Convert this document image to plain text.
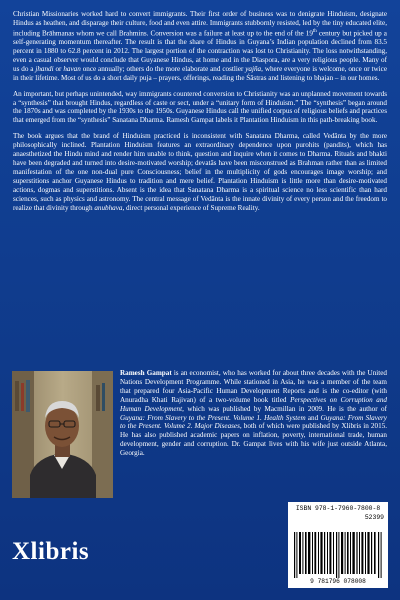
Christian Missionaries worked hard to convert immigrants. Their first order of business was to denigrate Hinduism, designate Hindus as heathen, and disparage their culture, food and even attire. Immigrants stubbornly resisted, led by the tiny educated elite, including Brāhmanas whom we call Brahmins. Conversion was a failure at least up to the end of the 19th century but picked up a self-generating momentum thereafter. The result is that the share of Hindus in Guyana’s Indian population declined from 83.5 percent in 1880 to 62.8 percent in 2012. The largest portion of the contraction was lost to Christianity. The loss notwithstanding, even a casual observer would conclude that Guyanese Hindus, at home and in the Diaspora, are a very religious people. Many of us do a jhandi or havan once annually; others do the more elaborate and costlier yajña, where everyone is welcome, once or twice in their lifetime. Most of us do a short daily puja – prayers, offerings, reading the Śāstras and listening to bhajan – in our homes.

An important, but perhaps unintended, way immigrants countered conversion to Christianity was an unplanned movement towards a “synthesis” that brought Hindus, regardless of caste or sect, under a “unitary form of Hinduism.” The “synthesis” began around the 1870s and was completed by the 1930s to the 1950s. Guyanese Hindus call the unified corpus of religious beliefs and practices that emerged from the “synthesis” Sanatana Dharma. Ramesh Gampat labels it Plantation Hinduism in this path-breaking book.

The book argues that the brand of Hinduism practiced is inconsistent with Sanatana Dharma, called Vedānta by the more philosophically inclined. Plantation Hinduism features an extraordinary dependence upon purohits (pandits), which has anaesthetized the Hindu mind and render him unable to think, question and inquire when it comes to Dharma. Rituals and bhakti have been degraded and turned into desire-motivated worship; devatās have been misconstrued as Brahman rather than as limited manifestation of the one non-dual pure Consciousness; belief in the multiplicity of gods encourages image worship; and superstitions anchor Guyanese Hindus to tradition and mere belief. Plantation Hinduism is little more than desire-motivated actions, dogmas and superstitions. Absent is the idea that Sanatana Dharma is a spiritual science no less scientific than hard sciences, such as physics and astronomy. The central message of Vedānta is the innate divinity of every person and the freedom to realize that divinity through anubhava, direct personal experience of Supreme Reality.

Ramesh Gampat is an economist, who has worked for about three decades with the United Nations Development Programme. While stationed in Asia, he was a member of the team that prepared four Asia-Pacific Human Development Reports and is the co-editor (with Anuradha Khati Rajivan) of a two-volume book titled Perspectives on Corruption and Human Development, which was published by Macmillan in 2009. He is the author of Guyana: From Slavery to the Present. Volume 1. Health System and Guyana: From Slavery to the Present. Volume 2. Major Diseases, both of which were published by Xlibris in 2015. He has also published academic papers on inflation, poverty, international trade, human development, gender and corruption. Dr. Gampat lives with his wife just outside Atlanta, Georgia.
Xlibris
ISBN 978-1-7960-7800-8
52399
9 781796 078008
